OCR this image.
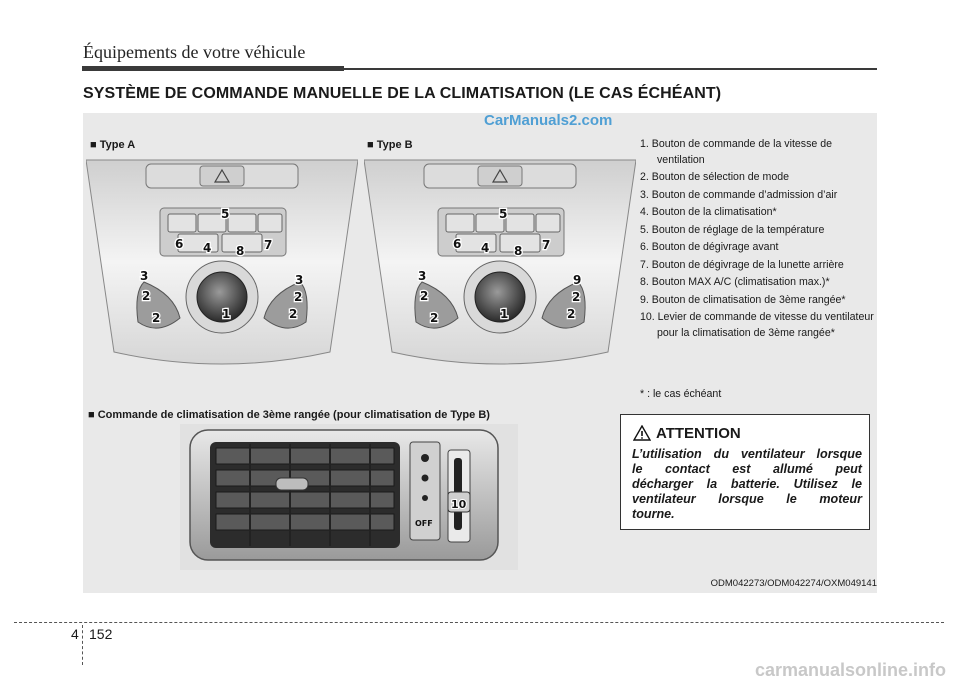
Équipements de votre véhicule
SYSTÈME DE COMMANDE MANUELLE DE LA CLIMATISATION (LE CAS ÉCHÉANT)
CarManuals2.com
■ Type A
5
6 4 8 7
3	3
2	2
2	2
1
■ Type B
5
6 4 8 7
3	9
2	2
2	2
1
1. Bouton de commande de la vitesse de ventilation
2. Bouton de sélection de mode
3. Bouton de commande d’admission d’air
4. Bouton de la climatisation*
5. Bouton de réglage de la température
6. Bouton de dégivrage avant
7. Bouton de dégivrage de la lunette arrière
8. Bouton MAX A/C (climatisation max.)*
9. Bouton de climatisation de 3ème rangée*
10. Levier de commande de vitesse du ventilateur pour la climatisation de 3ème rangée*
* : le cas échéant
■ Commande de climatisation de 3ème rangée (pour climatisation de Type B)
OFF
10
ATTENTION
L’utilisation du ventilateur lorsque
le contact est allumé peut
décharger la batterie. Utilisez le
ventilateur lorsque le moteur
tourne.
ODM042273/ODM042274/OXM049141
4 152
carmanualsonline.info
